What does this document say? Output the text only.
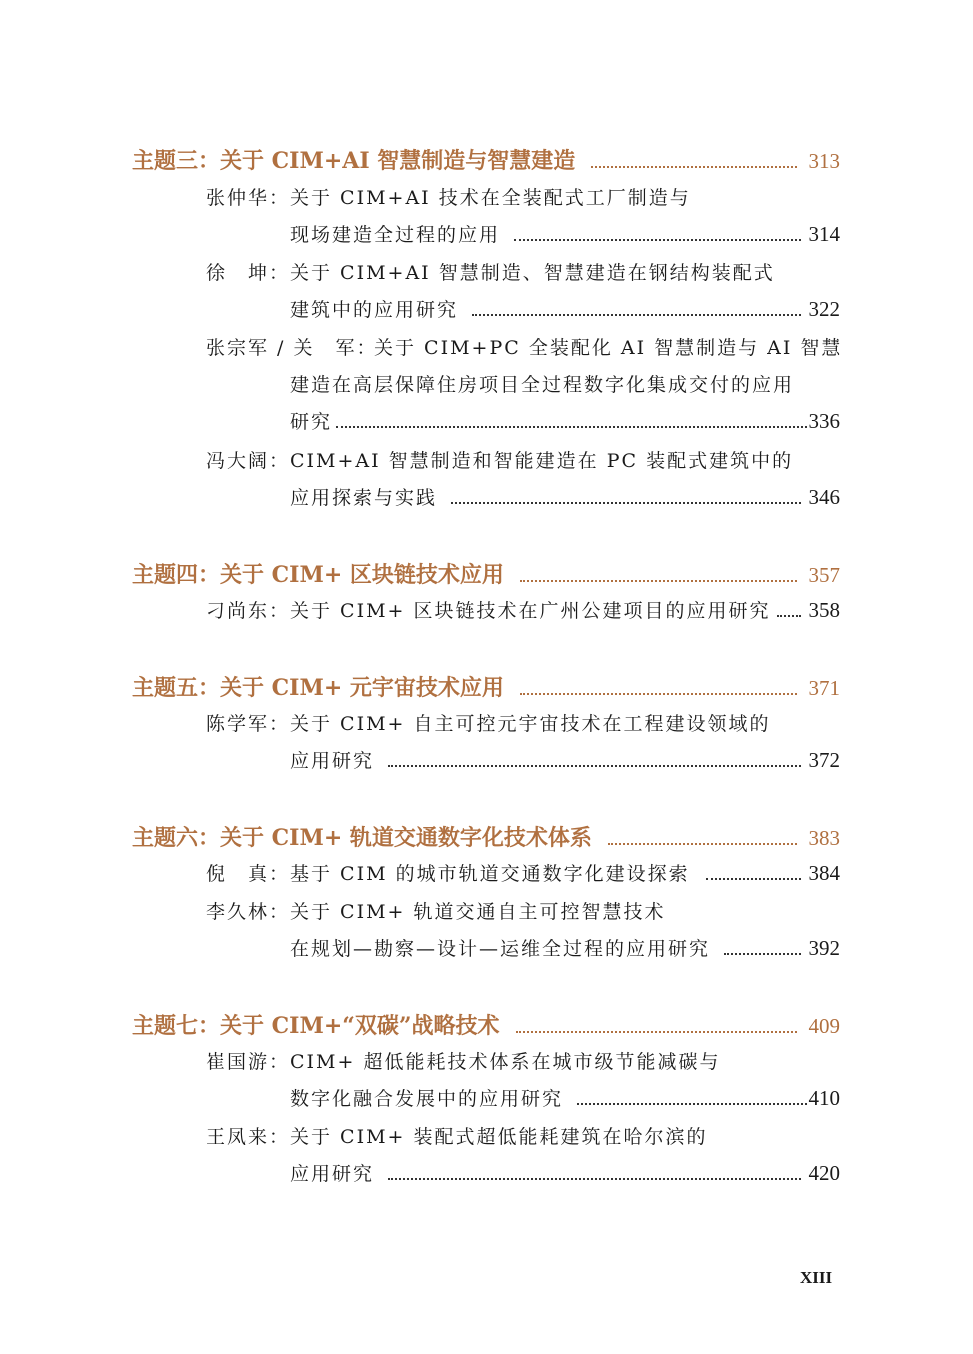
主题三：关于 CIM+AI 智慧制造与智慧建造	313
张仲华： 关于 CIM+AI 技术在全装配式工厂制造与
现场建造全过程的应用	314
徐　坤： 关于 CIM+AI 智慧制造、智慧建造在钢结构装配式
建筑中的应用研究	322
张宗军 / 关　军：
关于 CIM+PC 全装配化 AI 智慧制造与 AI 智慧
建造在高层保障住房项目全过程数字化集成交付的应用
研究	336
冯大阔： CIM+AI 智慧制造和智能建造在 PC 装配式建筑中的
应用探索与实践	346
主题四：关于 CIM+ 区块链技术应用	357
刁尚东： 关于 CIM+ 区块链技术在广州公建项目的应用研究 358
主题五：关于 CIM+ 元宇宙技术应用	371
陈学军： 关于 CIM+ 自主可控元宇宙技术在工程建设领域的
应用研究	372
主题六：关于 CIM+ 轨道交通数字化技术体系	383
倪　真： 基于 CIM 的城市轨道交通数字化建设探索	384
李久林： 关于 CIM+ 轨道交通自主可控智慧技术
在规划—勘察—设计—运维全过程的应用研究	392
主题七：关于 CIM+“双碳”战略技术	409
崔国游： CIM+ 超低能耗技术体系在城市级节能减碳与
数字化融合发展中的应用研究	410
王凤来： 关于 CIM+ 装配式超低能耗建筑在哈尔滨的
应用研究	420
XIII
